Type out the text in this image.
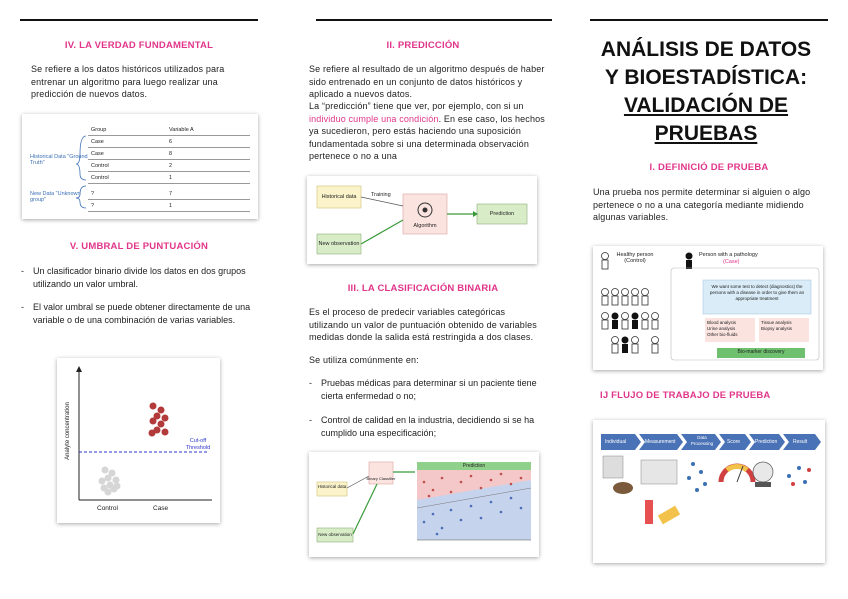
IV. LA VERDAD FUNDAMENTAL
Se refiere a los datos históricos utilizados para entrenar un algoritmo para luego realizar una predicción de nuevos datos.
Historical Data "Ground Truth"
New Data "Unknown group"
Group	Variable A
Case	6
Case	8
Control	2
Control	1
?	7
?	1
V. UMBRAL DE PUNTUACIÓN
- Un clasificador binario divide los datos en dos grupos utilizando un valor umbral.
- El valor umbral se puede obtener directamente de una variable o de una combinación de varias variables.
Analyte concentration	Cut-off Threshold
Control	Case
II. PREDICCIÓN
Se refiere al resultado de un algoritmo después de haber sido entrenado en un conjunto de datos históricos y aplicado a nuevos datos.
La “predicción” tiene que ver, por ejemplo, con si un individuo cumple una condición. En ese caso, los hechos ya sucedieron, pero estás haciendo una suposición fundamentada sobre si una determinada observación pertenece o no a una
Historical data	Training
Algorithm
New observation
Prediction
III. LA CLASIFICACIÓN BINARIA
Es el proceso de predecir variables categóricas utilizando un valor de puntuación obtenido de variables medidas donde la salida está restringida a dos clases.
Se utiliza comúnmente en:
- Pruebas médicas para determinar si un paciente tiene cierta enfermedad o no;
- Control de calidad en la industria, decidiendo si se ha cumplido una especificación;
Historical data
Binary Classifier
New observation
Prediction
ANÁLISIS DE DATOS
Y BIOESTADÍSTICA:
VALIDACIÓN DE
PRUEBAS
I. DEFINICIÓ DE PRUEBA
Una prueba nos permite determinar si alguien o algo pertenece o no a una categoría mediante midiendo algunas variables.
Healthy person (Control)
Person with a pathology
(Case)
We want some test to detect (diagnostics) the persons with a disease in order to give them an appropriate treatment
Blood analysis
Urine analysis
Other bio-fluids
Tissue analysis
Biopsy analysis
Bio-marker discovery
IJ FLUJO DE TRABAJO DE PRUEBA
Individual	Measurement
Data Processing	Score	Prediction	Result
